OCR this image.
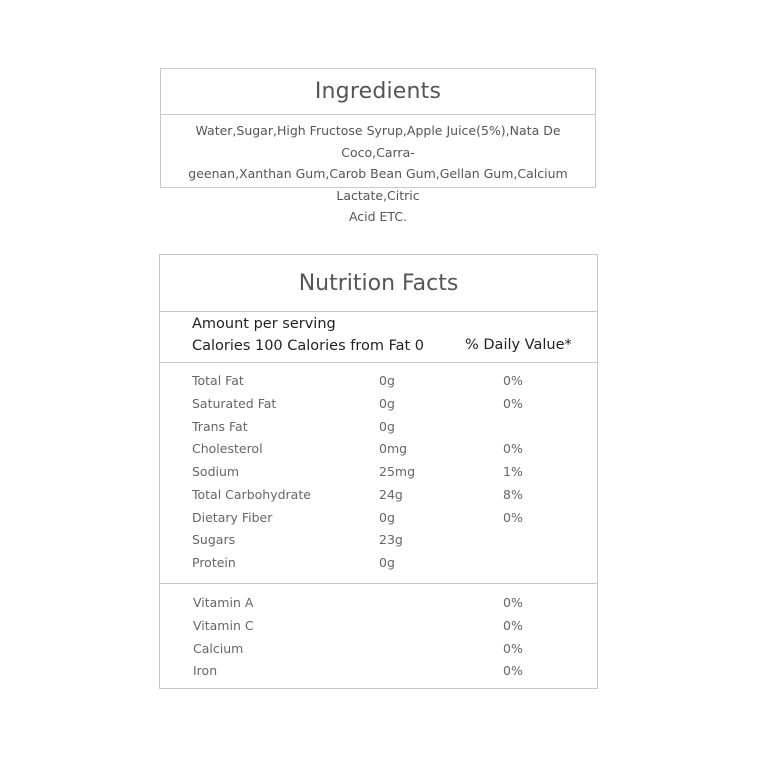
Ingredients
Water,Sugar,High Fructose Syrup,Apple Juice(5%),Nata De Coco,Carra-
geenan,Xanthan Gum,Carob Bean Gum,Gellan Gum,Calcium Lactate,Citric
Acid ETC.
Nutrition Facts
Amount per serving
Calories 100 Calories from Fat 0	% Daily Value*
Total Fat	0g	0%
Saturated Fat	0g	0%
Trans Fat	0g
Cholesterol	0mg	0%
Sodium	25mg	1%
Total Carbohydrate	24g	8%
Dietary Fiber	0g	0%
Sugars	23g
Protein	0g
Vitamin A	0%
Vitamin C	0%
Calcium	0%
Iron	0%
